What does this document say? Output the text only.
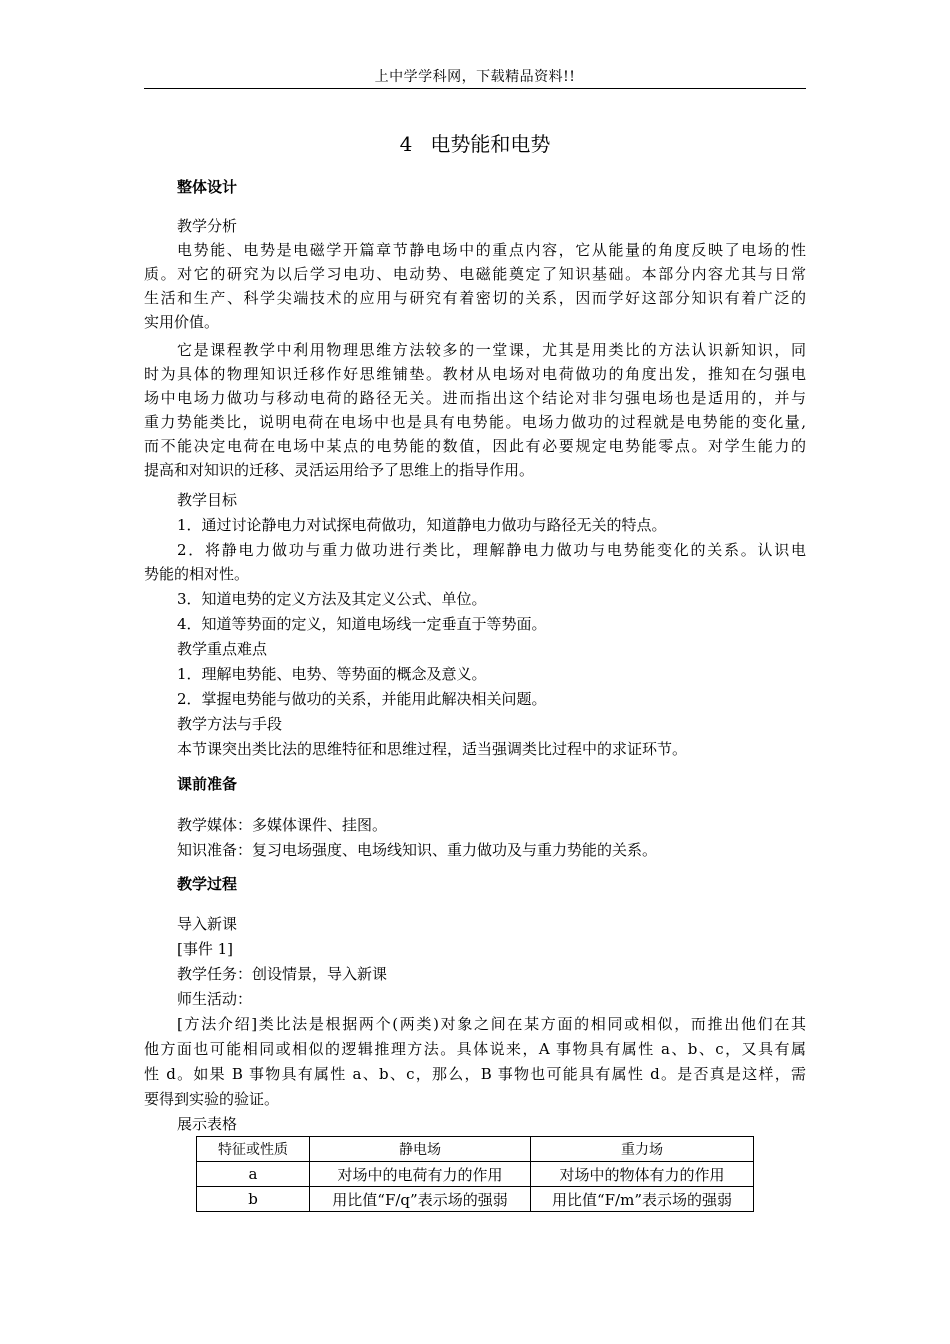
上中学学科网，下载精品资料!!
4 电势能和电势
整体设计
教学分析
电势能、电势是电磁学开篇章节静电场中的重点内容，它从能量的角度反映了电场的性
质。对它的研究为以后学习电功、电动势、电磁能奠定了知识基础。本部分内容尤其与日常
生活和生产、科学尖端技术的应用与研究有着密切的关系，因而学好这部分知识有着广泛的
实用价值。
它是课程教学中利用物理思维方法较多的一堂课，尤其是用类比的方法认识新知识，同
时为具体的物理知识迁移作好思维铺垫。教材从电场对电荷做功的角度出发，推知在匀强电
场中电场力做功与移动电荷的路径无关。进而指出这个结论对非匀强电场也是适用的，并与
重力势能类比，说明电荷在电场中也是具有电势能。电场力做功的过程就是电势能的变化量,
而不能决定电荷在电场中某点的电势能的数值，因此有必要规定电势能零点。对学生能力的
提高和对知识的迁移、灵活运用给予了思维上的指导作用。
教学目标
1．通过讨论静电力对试探电荷做功，知道静电力做功与路径无关的特点。
2．将静电力做功与重力做功进行类比，理解静电力做功与电势能变化的关系。认识电
势能的相对性。
3．知道电势的定义方法及其定义公式、单位。
4．知道等势面的定义，知道电场线一定垂直于等势面。
教学重点难点
1．理解电势能、电势、等势面的概念及意义。
2．掌握电势能与做功的关系，并能用此解决相关问题。
教学方法与手段
本节课突出类比法的思维特征和思维过程，适当强调类比过程中的求证环节。
课前准备
教学媒体：多媒体课件、挂图。
知识准备：复习电场强度、电场线知识、重力做功及与重力势能的关系。
教学过程
导入新课
[事件 1]
教学任务：创设情景，导入新课
师生活动：
[方法介绍]类比法是根据两个(两类)对象之间在某方面的相同或相似，而推出他们在其
他方面也可能相同或相似的逻辑推理方法。具体说来，A 事物具有属性 a、b、c，又具有属
性 d。如果 B 事物具有属性 a、b、c，那么，B 事物也可能具有属性 d。是否真是这样，需
要得到实验的验证。
展示表格
特征或性质	静电场	重力场
a	对场中的电荷有力的作用	对场中的物体有力的作用
b	用比值“F/q”表示场的强弱	用比值“F/m”表示场的强弱
